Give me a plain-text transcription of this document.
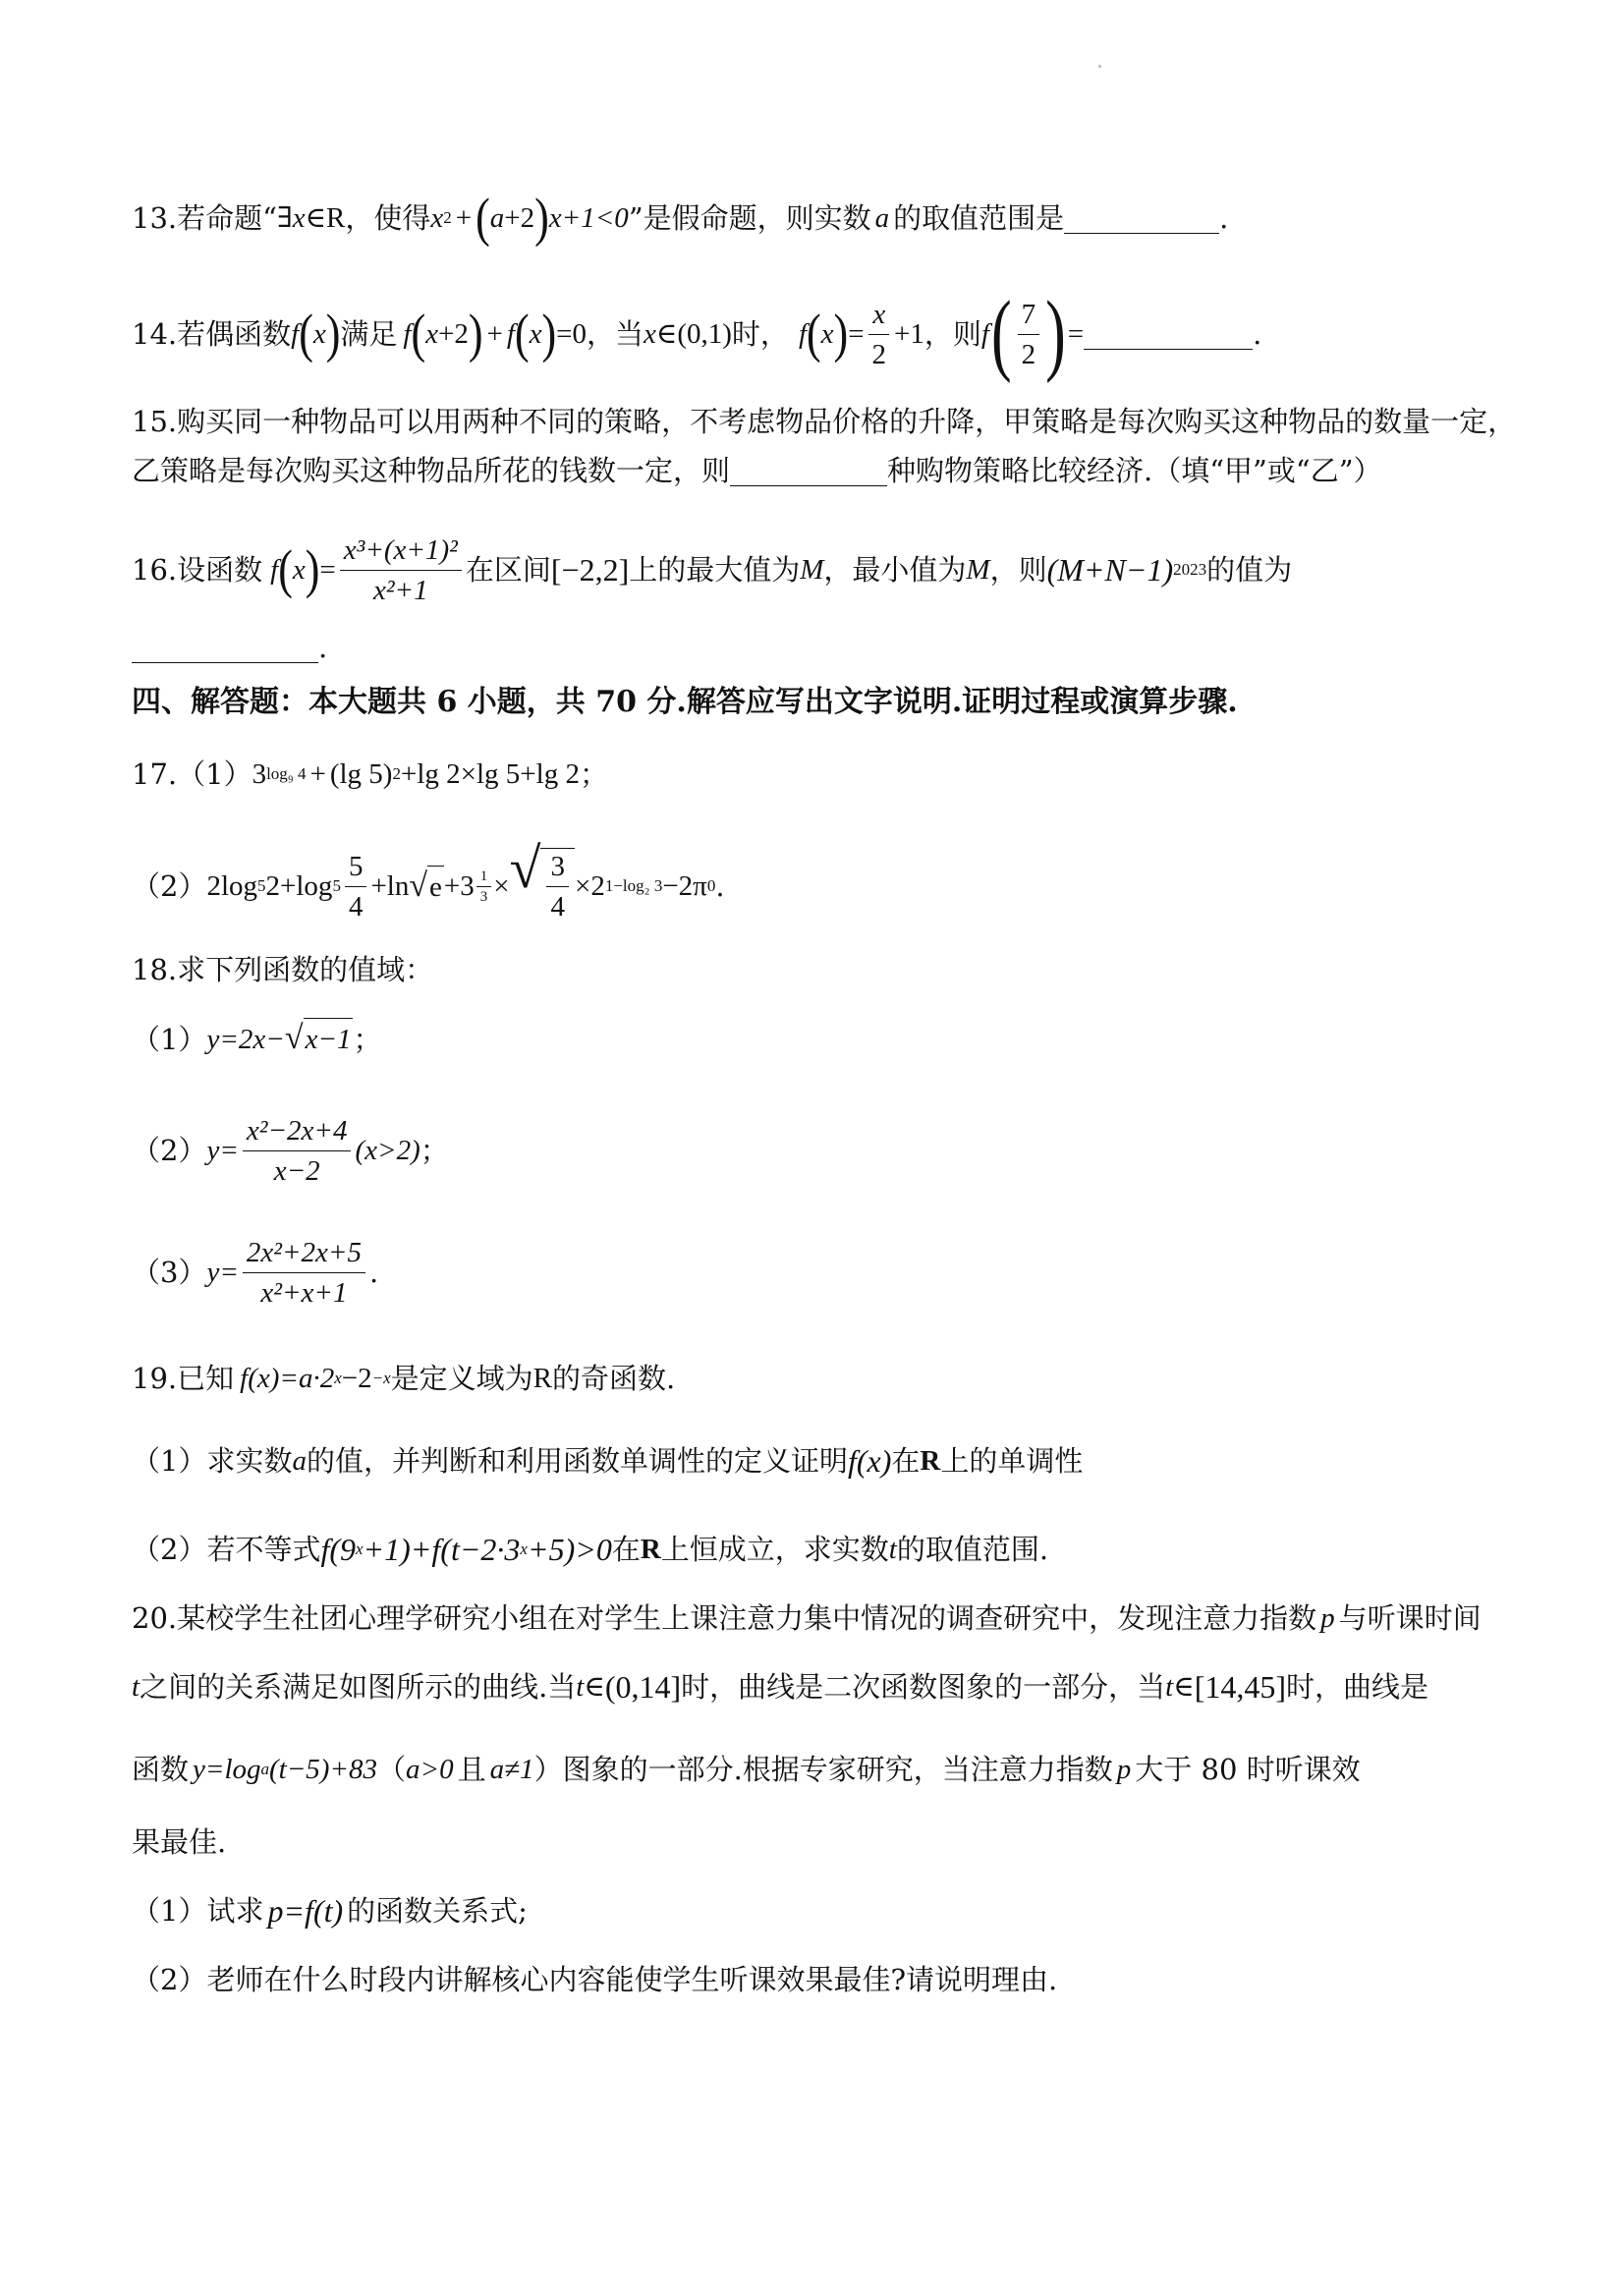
13. 若命题“ ∃ x ∈ R ，使得 x 2 + ( a +2 ) x+1<0 ”是假命题，则实数 a 的取值范围是	.
14. 若偶函数 f ( x ) 满足 f ( x +2 ) + f ( x ) =0 ，当 x ∈ (0,1) 时， f ( x ) = $\frac{x}{2} +1$ ，则 f ( $\frac{7}{2}$ ) =	.
15.购买同一种物品可以用两种不同的策略，不考虑物品价格的升降，甲策略是每次购买这种物品的数量一定，
乙策略是每次购买这种物品所花的钱数一定，则	种购物策略比较经济.（填“甲”或“乙”）
16. 设函数 f ( x ) = $\frac{\text{x³+(x+1)²}}{\text{x²+1}}$ 在区间 [−2,2] 上的最大值为 M ，最小值为 M ，则 (M+N−1) 2023 的值为
.
四、解答题：本大题共 6 小题，共 70 分.解答应写出文字说明.证明过程或演算步骤.
17. （1） 3 log₉ 4 + (lg 5) 2 +lg 2×lg 5+lg 2 ；
（2） 2log 5 2+log $5 \frac{5}{4} +\ln$ √ $e +3 \frac{1}{3}$ × √ $\frac{3}{4} \times 2$ 1−log₂ 3 −2π 0 .
18.求下列函数的值域：
（1） y=2x− √ x−1 ；
（2） $y= \frac{\text{x²−2x+4}}{x-2} (x>2)$ ；
（3） $y= \frac{\text{2x²+2x+5}}{\text{x²+x+1}}$ .
19. 已知 f(x)=a·2 x −2 −x 是定义域为 R 的奇函数.
（1）求实数 a 的值，并判断和利用函数单调性的定义证明 f(x) 在 R 上的单调性
（2）若不等式 f(9 x +1)+f(t−2·3 x +5)>0 在 R 上恒成立，求实数 t 的取值范围.
20.某校学生社团心理学研究小组在对学生上课注意力集中情况的调查研究中，发现注意力指数 p 与听课时间
t 之间的关系满足如图所示的曲线.当 t ∈ (0,14] 时，曲线是二次函数图象的一部分，当 t ∈ [14,45] 时，曲线是
函数 y=log a (t−5)+83 （ a>0 且 a≠1 ）图象的一部分.根据专家研究，当注意力指数 p 大于 80 时听课效
果最佳.
（1）试求 p=f(t) 的函数关系式;
（2）老师在什么时段内讲解核心内容能使学生听课效果最佳?请说明理由.
